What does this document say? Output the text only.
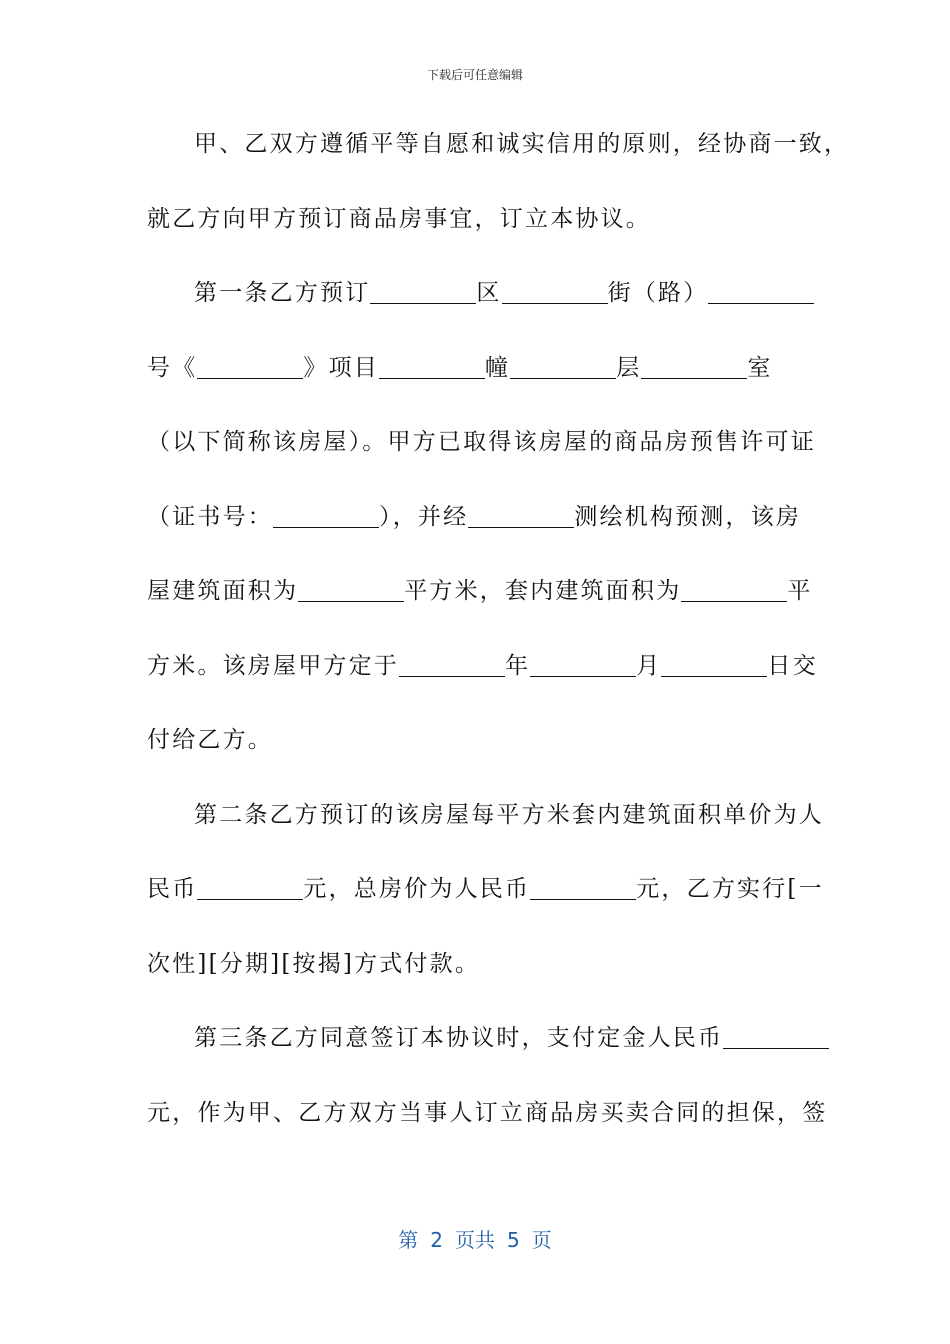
下载后可任意编辑
甲、乙双方遵循平等自愿和诚实信用的原则，经协商一致，
就乙方向甲方预订商品房事宜，订立本协议。
第一条乙方预订	区	街（路）
号《	》项目	幢	层	室
（以下简称该房屋）。甲方已取得该房屋的商品房预售许可证
（证书号：	），并经	测绘机构预测，该房
屋建筑面积为	平方米，套内建筑面积为	平
方米。该房屋甲方定于	年	月	日交
付给乙方。
第二条乙方预订的该房屋每平方米套内建筑面积单价为人
民币	元，总房价为人民币	元，乙方实行[一
次性][分期][按揭]方式付款。
第三条乙方同意签订本协议时，支付定金人民币
元，作为甲、乙方双方当事人订立商品房买卖合同的担保，签
第 2 页共 5 页
